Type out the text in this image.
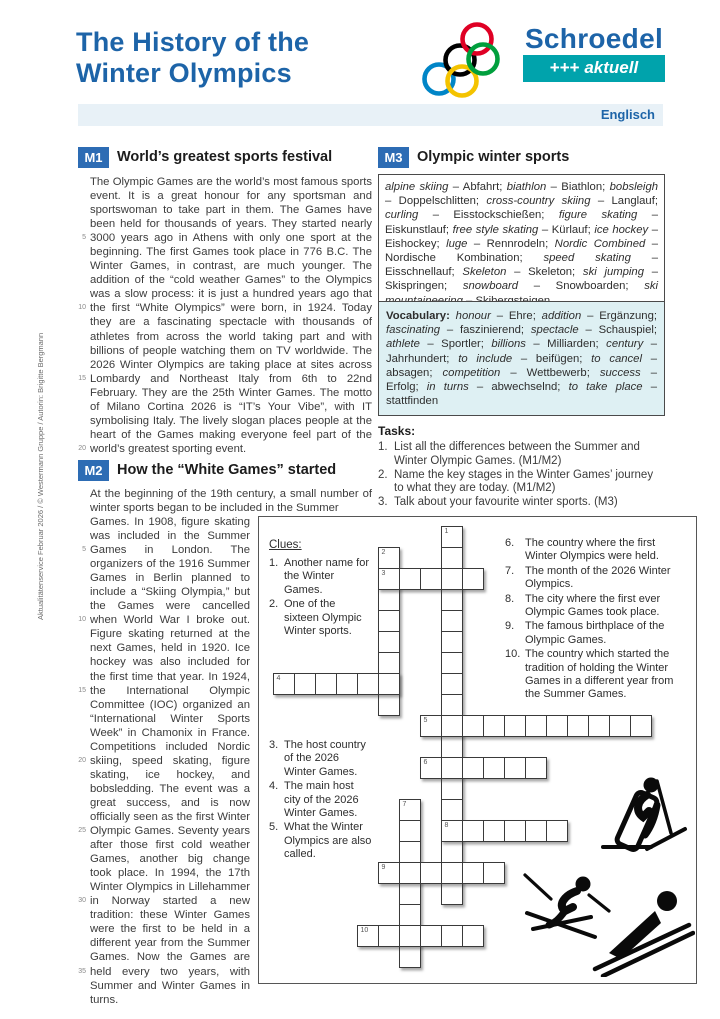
Aktualitätenservice Februar 2026 / © Westermann Gruppe / Autorin: Brigitte Bergmann
The History of the
Winter Olympics
Schroedel
+++ aktuell
Englisch
M1 World’s greatest sports festival
The Olympic Games are the world’s most famous sports event. It is a great honour for any sportsman and sportswoman to take part in them. The Games have been held for thousands of years. They started nearly 3000 years ago in Athens with only one sport at the beginning. The first Games took place in 776 B.C. The Winter Games, in contrast, are much younger. The addition of the “cold weather Games” to the Olympics was a slow process: it is just a hundred years ago that the first “White Olympics” were born, in 1924. Today they are a fascinating spectacle with thousands of athletes from across the world taking part and with billions of people watching them on TV worldwide. The 2026 Winter Olympics are taking place at sites across Lombardy and Northeast Italy from 6th to 22nd February. They are the 25th Winter Games. The motto of Milano Cortina 2026 is “IT’s Your Vibe”, with IT symbolising Italy. The lively slogan places people at the heart of the Games making everyone feel part of the world’s greatest sporting event.
5
10
15
20
M2 How the “White Games” started
At the beginning of the 19th century, a small number of winter sports began to be included in the Summer
Games. In 1908, figure skating was included in the Summer Games in London. The organizers of the 1916 Summer Games in Berlin planned to include a “Skiing Olympia,” but the Games were cancelled when World War I broke out. Figure skating returned at the next Games, held in 1920. Ice hockey was also included for the first time that year. In 1924, the International Olympic Committee (IOC) organized an “International Winter Sports Week” in Chamonix in France. Competitions included Nordic skiing, speed skating, figure skating, ice hockey, and bobsledding. The event was a great success, and is now officially seen as the first Winter Olympic Games. Seventy years after those first cold weather Games, another big change took place. In 1994, the 17th Winter Olympics in Lillehammer in Norway started a new tradition: these Winter Games were the first to be held in a different year from the Summer Games. Now the Games are held every two years, with Summer and Winter Games in turns.
5
10
15
20
25
30
35
M3 Olympic winter sports
alpine skiing – Abfahrt; biathlon – Biathlon; bobsleigh – Doppelschlitten; cross-country skiing – Langlauf; curling – Eisstockschießen; figure skating – Eiskunstlauf; free style skating – Kürlauf; ice hockey – Eishockey; luge – Rennrodeln; Nordic Combined – Nordische Kombination; speed skating – Eisschnellauf; Skeleton – Skeleton; ski jumping – Skispringen; snowboard – Snowboarden; ski
Vocabulary: honour – Ehre; addition – Ergänzung; fascinating – faszinierend; spectacle – Schauspiel; athlete – Sportler; billions – Milliarden; century – Jahrhundert; to include – beifügen; to cancel – absagen; competition – Wettbewerb; success – Erfolg; in turns – abwechselnd; to take place – stattfinden
Tasks:
1. List all the differences between the Summer and Winter Olympic Games. (M1/M2)
2. Name the key stages in the Winter Games’ journey to what they are today. (M1/M2)
3. Talk about your favourite winter sports. (M3)
Clues:
1. Another name for the Winter Games.
2. One of the sixteen Olympic Winter sports.
3. The host country of the 2026 Winter Games.
4. The main host city of the 2026 Winter Games.
5. What the Winter Olympics are also called.
6. The country where the first Winter Olympics were held.
7. The month of the 2026 Winter Olympics.
8. The city where the first ever Olympic Games took place.
9. The famous birthplace of the Olympic Games.
10. The country which started the tradition of holding the Winter Games in a different year from the Summer Games.
1
2
3
4
5
6
7
8
9
10
